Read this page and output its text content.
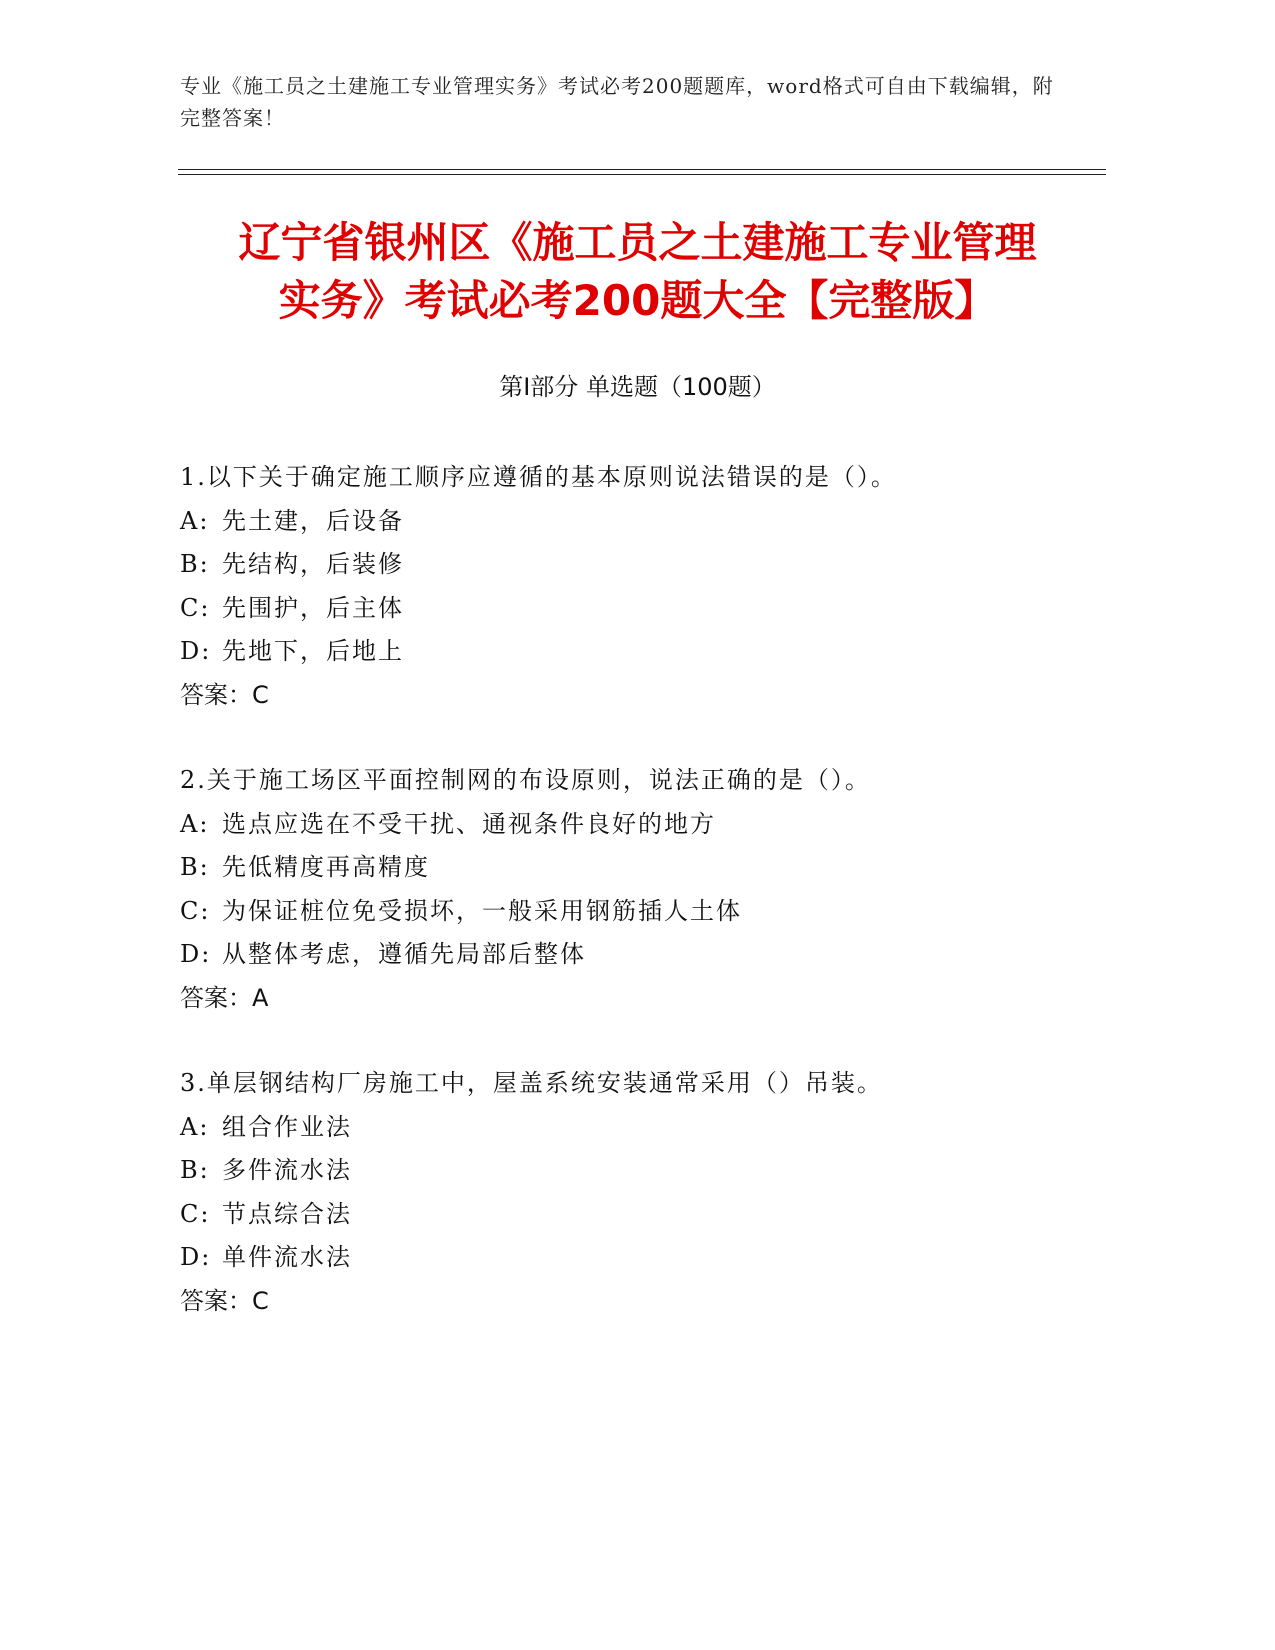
专业《施工员之土建施工专业管理实务》考试必考200题题库，word格式可自由下载编辑，附完整答案！
辽宁省银州区《施工员之土建施工专业管理
实务》考试必考200题大全【完整版】
第I部分 单选题（100题）
1.以下关于确定施工顺序应遵循的基本原则说法错误的是（）。
A: 先土建，后设备
B: 先结构，后装修
C: 先围护，后主体
D: 先地下，后地上
答案：C
2.关于施工场区平面控制网的布设原则，说法正确的是（）。
A: 选点应选在不受干扰、通视条件良好的地方
B: 先低精度再高精度
C: 为保证桩位免受损坏，一般采用钢筋插人土体
D: 从整体考虑，遵循先局部后整体
答案：A
3.单层钢结构厂房施工中，屋盖系统安装通常采用（）吊装。
A: 组合作业法
B: 多件流水法
C: 节点综合法
D: 单件流水法
答案：C
